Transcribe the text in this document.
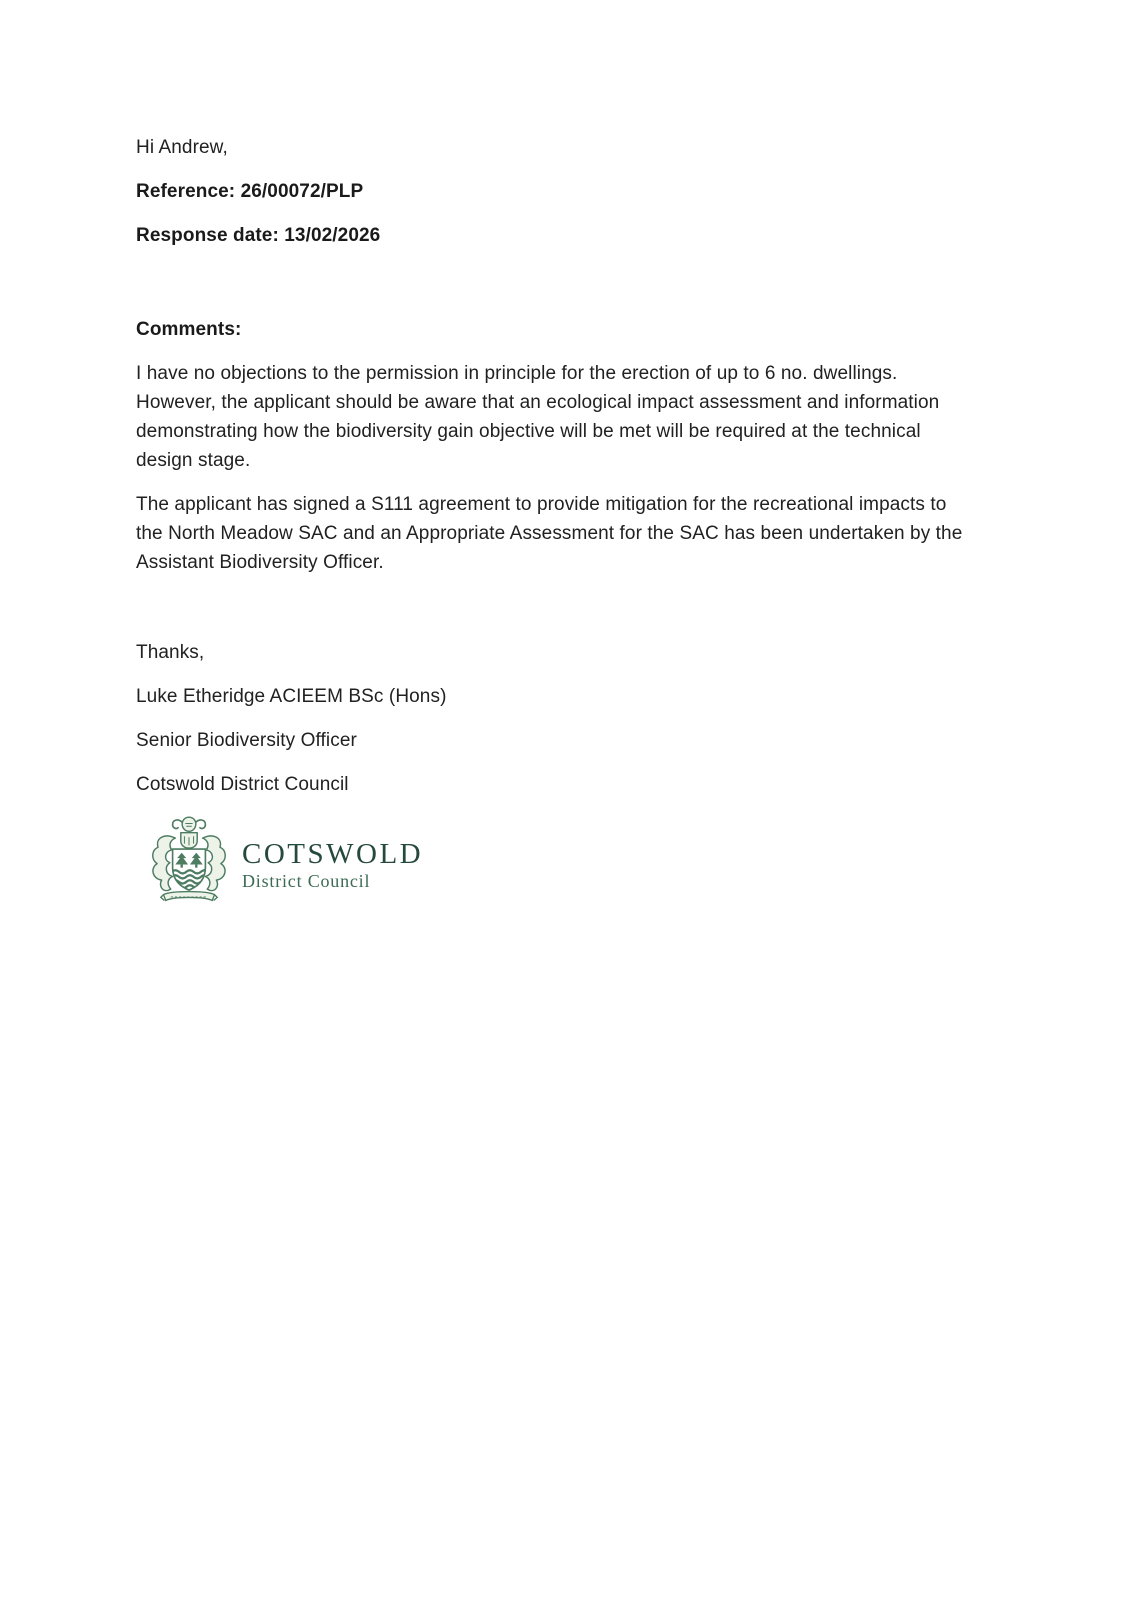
Hi Andrew,
Reference: 26/00072/PLP
Response date: 13/02/2026
Comments:
I have no objections to the permission in principle for the erection of up to 6 no. dwellings.
However, the applicant should be aware that an ecological impact assessment and information
demonstrating how the biodiversity gain objective will be met will be required at the technical
design stage.
The applicant has signed a S111 agreement to provide mitigation for the recreational impacts to
the North Meadow SAC and an Appropriate Assessment for the SAC has been undertaken by the
Assistant Biodiversity Officer.
Thanks,
Luke Etheridge ACIEEM BSc (Hons)
Senior Biodiversity Officer
Cotswold District Council
COTSWOLD
District Council
